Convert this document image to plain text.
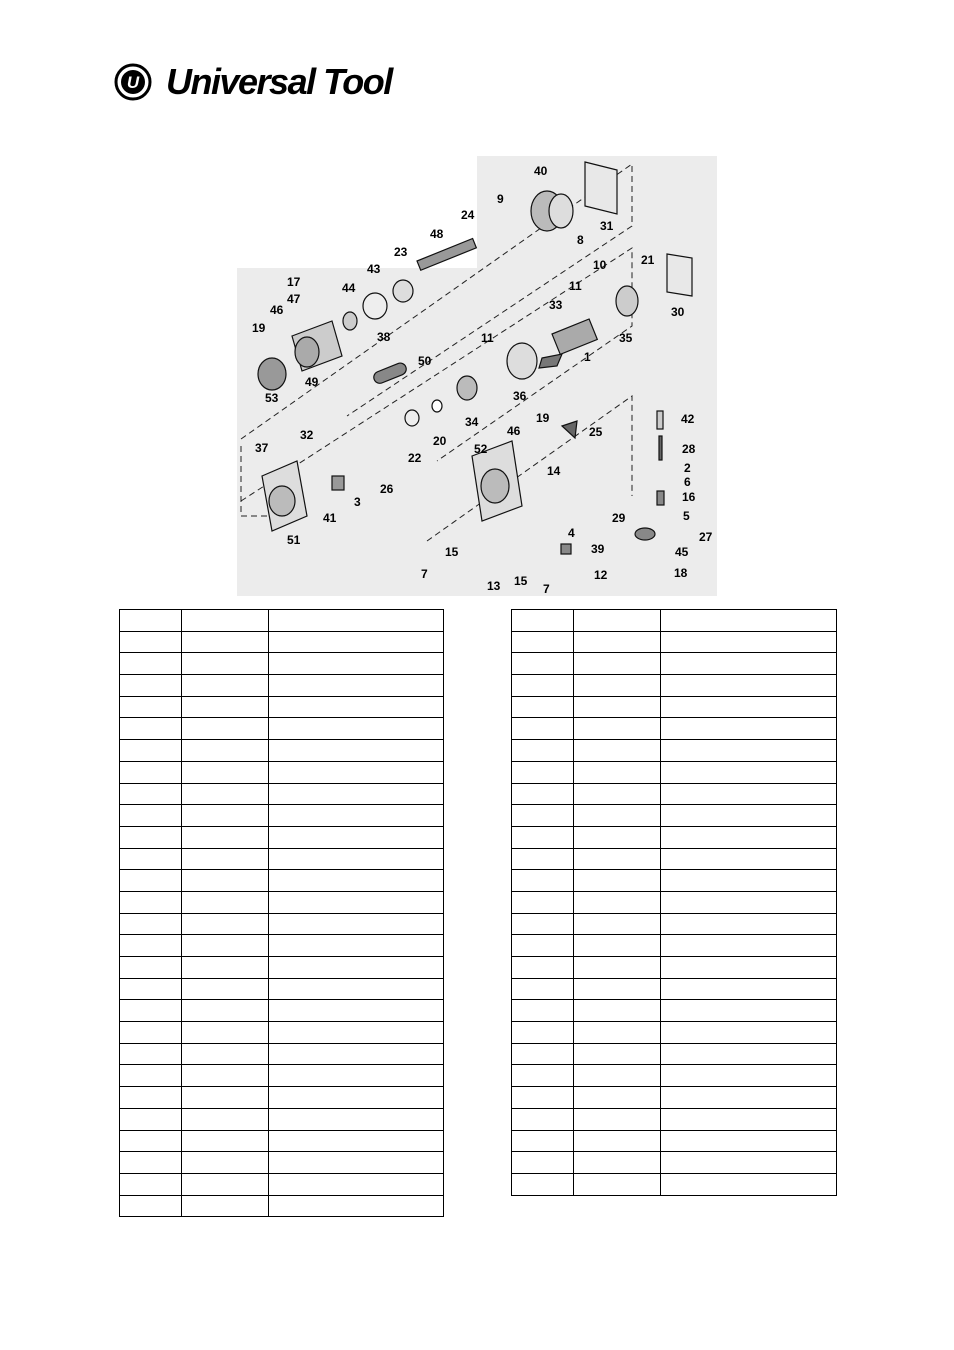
U Universal Tool
40
9
24
8
31
48
23
43	10	21
17	44	11
47
30
33
46
19
38	11	35
1
50
49
53	36
34	19	42
25
32	46
20
28
37	52
22
2
14
6
26
16
3
5
41	29
4	27
51
39
15	45
7	15	12	18
13	7
